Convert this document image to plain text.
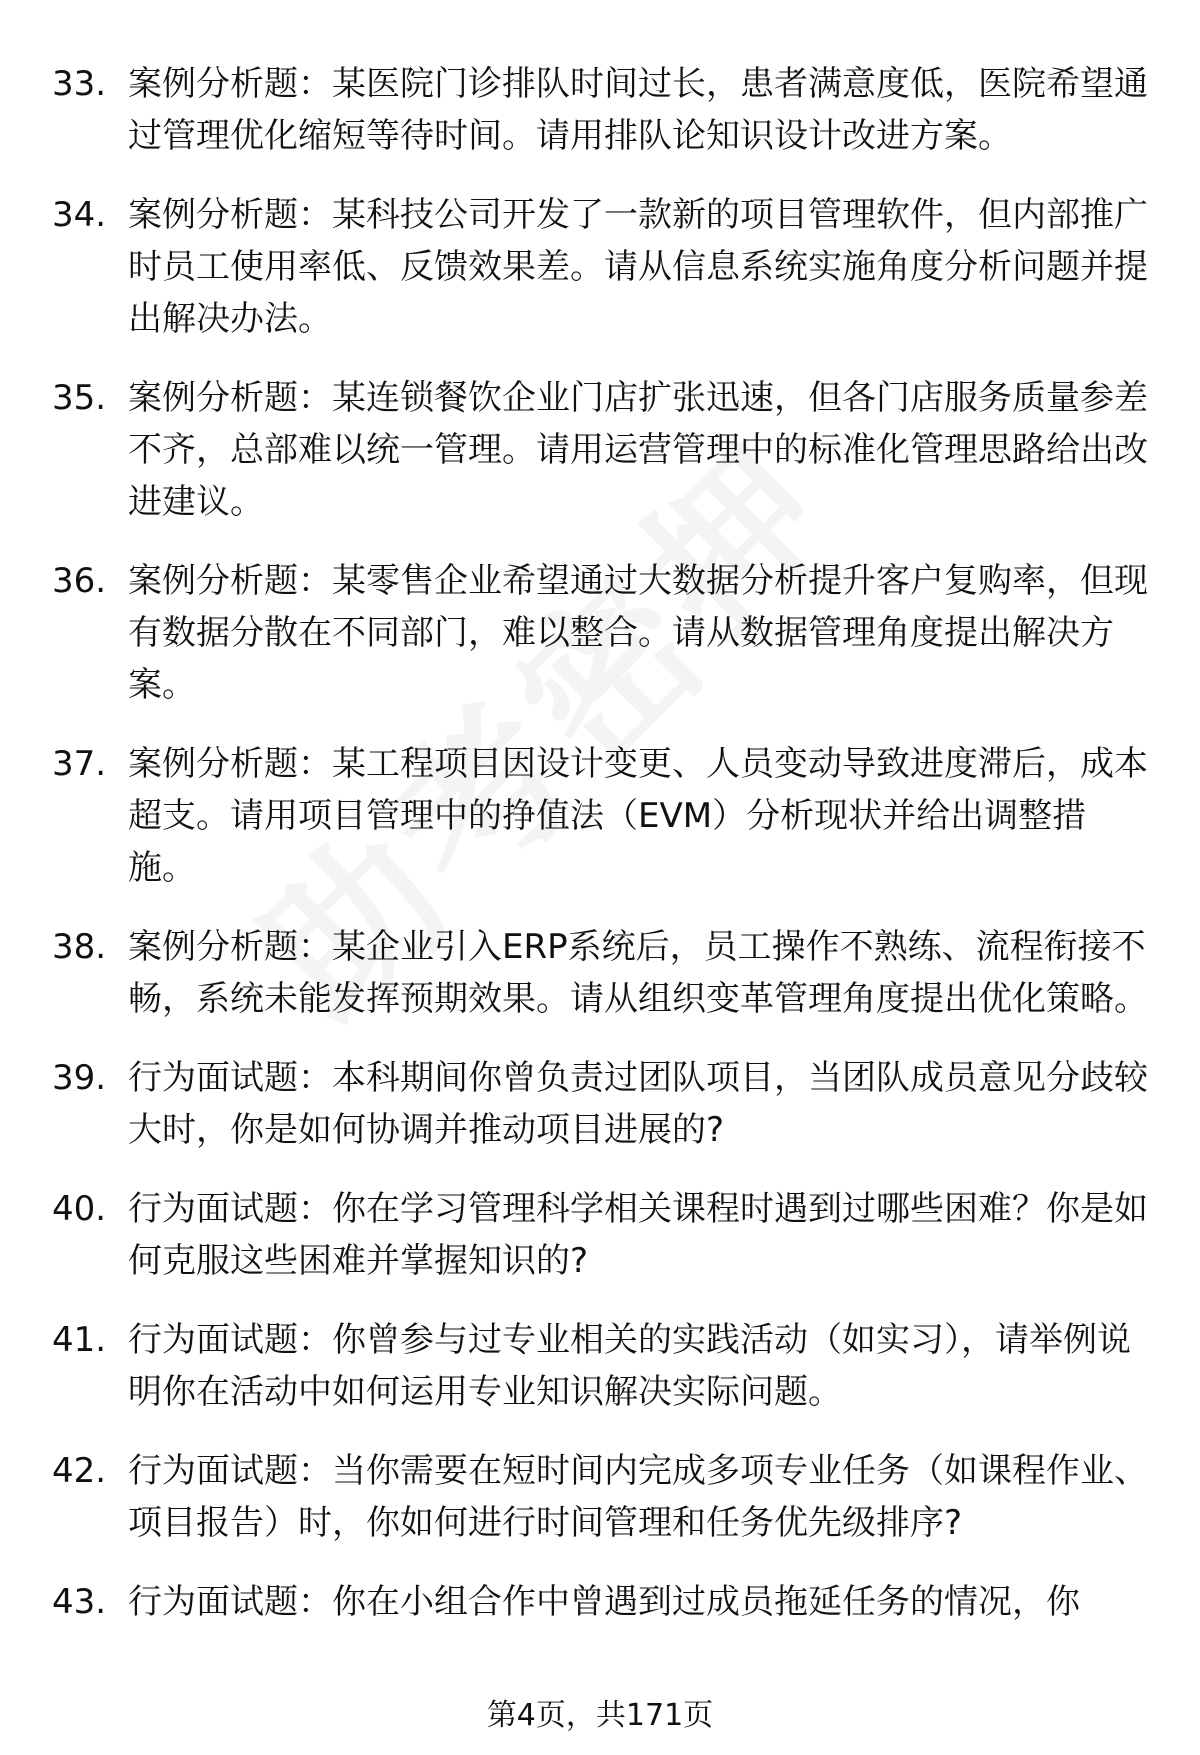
33. 案例分析题：某医院门诊排队时间过长，患者满意度低，医院希望通过管理优化缩短等待时间。请用排队论知识设计改进方案。
34. 案例分析题：某科技公司开发了一款新的项目管理软件，但内部推广时员工使用率低、反馈效果差。请从信息系统实施角度分析问题并提出解决办法。
35. 案例分析题：某连锁餐饮企业门店扩张迅速，但各门店服务质量参差不齐，总部难以统一管理。请用运营管理中的标准化管理思路给出改进建议。
36. 案例分析题：某零售企业希望通过大数据分析提升客户复购率，但现有数据分散在不同部门，难以整合。请从数据管理角度提出解决方案。
37. 案例分析题：某工程项目因设计变更、人员变动导致进度滞后，成本超支。请用项目管理中的挣值法（EVM）分析现状并给出调整措施。
38. 案例分析题：某企业引入ERP系统后，员工操作不熟练、流程衔接不畅，系统未能发挥预期效果。请从组织变革管理角度提出优化策略。
39. 行为面试题：本科期间你曾负责过团队项目，当团队成员意见分歧较大时，你是如何协调并推动项目进展的?
40. 行为面试题：你在学习管理科学相关课程时遇到过哪些困难？你是如何克服这些困难并掌握知识的?
41. 行为面试题：你曾参与过专业相关的实践活动（如实习），请举例说明你在活动中如何运用专业知识解决实际问题。
42. 行为面试题：当你需要在短时间内完成多项专业任务（如课程作业、项目报告）时，你如何进行时间管理和任务优先级排序?
43. 行为面试题：你在小组合作中曾遇到过成员拖延任务的情况，你
第4页，共171页
